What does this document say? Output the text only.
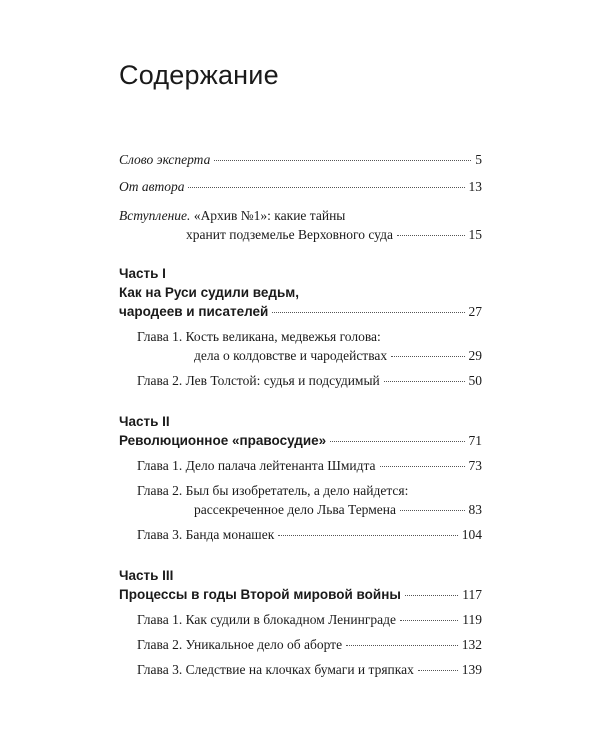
Содержание
Слово эксперта	5
От автора	13
Вступление. «Архив №1»: какие тайны
хранит подземелье Верховного суда	15
Часть I
Как на Руси судили ведьм,
чародеев и писателей	27
Глава 1. Кость великана, медвежья голова:
дела о колдовстве и чародействах	29
Глава 2. Лев Толстой: судья и подсудимый	50
Часть II
Революционное «правосудие»	71
Глава 1. Дело палача лейтенанта Шмидта	73
Глава 2. Был бы изобретатель, а дело найдется:
рассекреченное дело Льва Термена	83
Глава 3. Банда монашек	104
Часть III
Процессы в годы Второй мировой войны	117
Глава 1. Как судили в блокадном Ленинграде	119
Глава 2. Уникальное дело об аборте	132
Глава 3. Следствие на клочках бумаги и тряпках	139
